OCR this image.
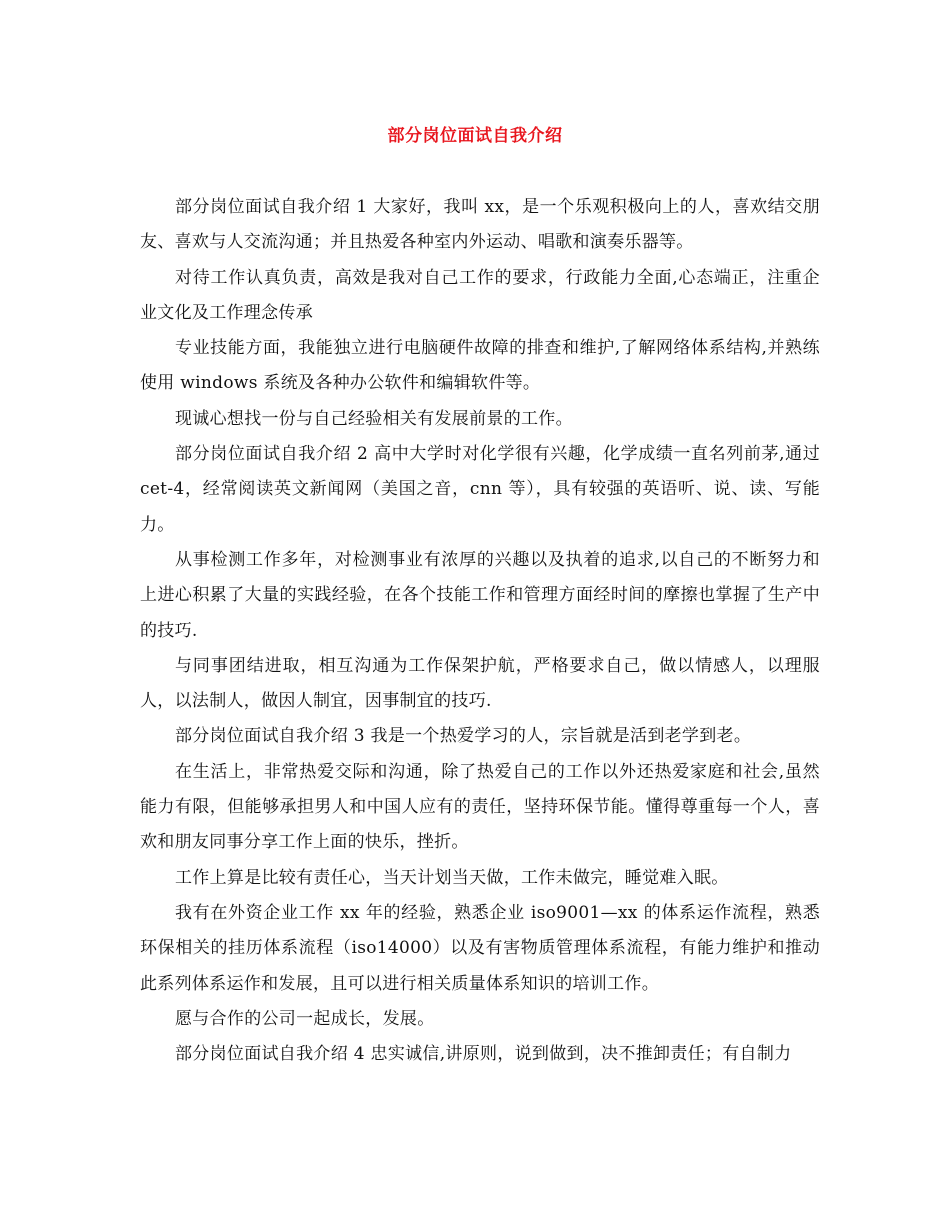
部分岗位面试自我介绍

部分岗位面试自我介绍 1 大家好，我叫 xx，是一个乐观积极向上的人，喜欢结交朋友、喜欢与人交流沟通；并且热爱各种室内外运动、唱歌和演奏乐器等。

对待工作认真负责，高效是我对自己工作的要求，行政能力全面,心态端正，注重企业文化及工作理念传承

专业技能方面，我能独立进行电脑硬件故障的排查和维护,了解网络体系结构,并熟练使用 windows 系统及各种办公软件和编辑软件等。

现诚心想找一份与自己经验相关有发展前景的工作。

部分岗位面试自我介绍 2 高中大学时对化学很有兴趣，化学成绩一直名列前茅,通过 cet-4，经常阅读英文新闻网（美国之音，cnn 等），具有较强的英语听、说、读、写能力。

从事检测工作多年，对检测事业有浓厚的兴趣以及执着的追求,以自己的不断努力和上进心积累了大量的实践经验，在各个技能工作和管理方面经时间的摩擦也掌握了生产中的技巧.

与同事团结进取，相互沟通为工作保架护航，严格要求自己，做以情感人，以理服人，以法制人，做因人制宜，因事制宜的技巧.

部分岗位面试自我介绍 3 我是一个热爱学习的人，宗旨就是活到老学到老。

在生活上，非常热爱交际和沟通，除了热爱自己的工作以外还热爱家庭和社会,虽然能力有限，但能够承担男人和中国人应有的责任，坚持环保节能。懂得尊重每一个人，喜欢和朋友同事分享工作上面的快乐，挫折。

工作上算是比较有责任心，当天计划当天做，工作未做完，睡觉难入眠。

我有在外资企业工作 xx 年的经验，熟悉企业 iso9001—xx 的体系运作流程，熟悉环保相关的挂历体系流程（iso14000）以及有害物质管理体系流程，有能力维护和推动此系列体系运作和发展，且可以进行相关质量体系知识的培训工作。

愿与合作的公司一起成长，发展。

部分岗位面试自我介绍 4 忠实诚信,讲原则，说到做到，决不推卸责任；有自制力
